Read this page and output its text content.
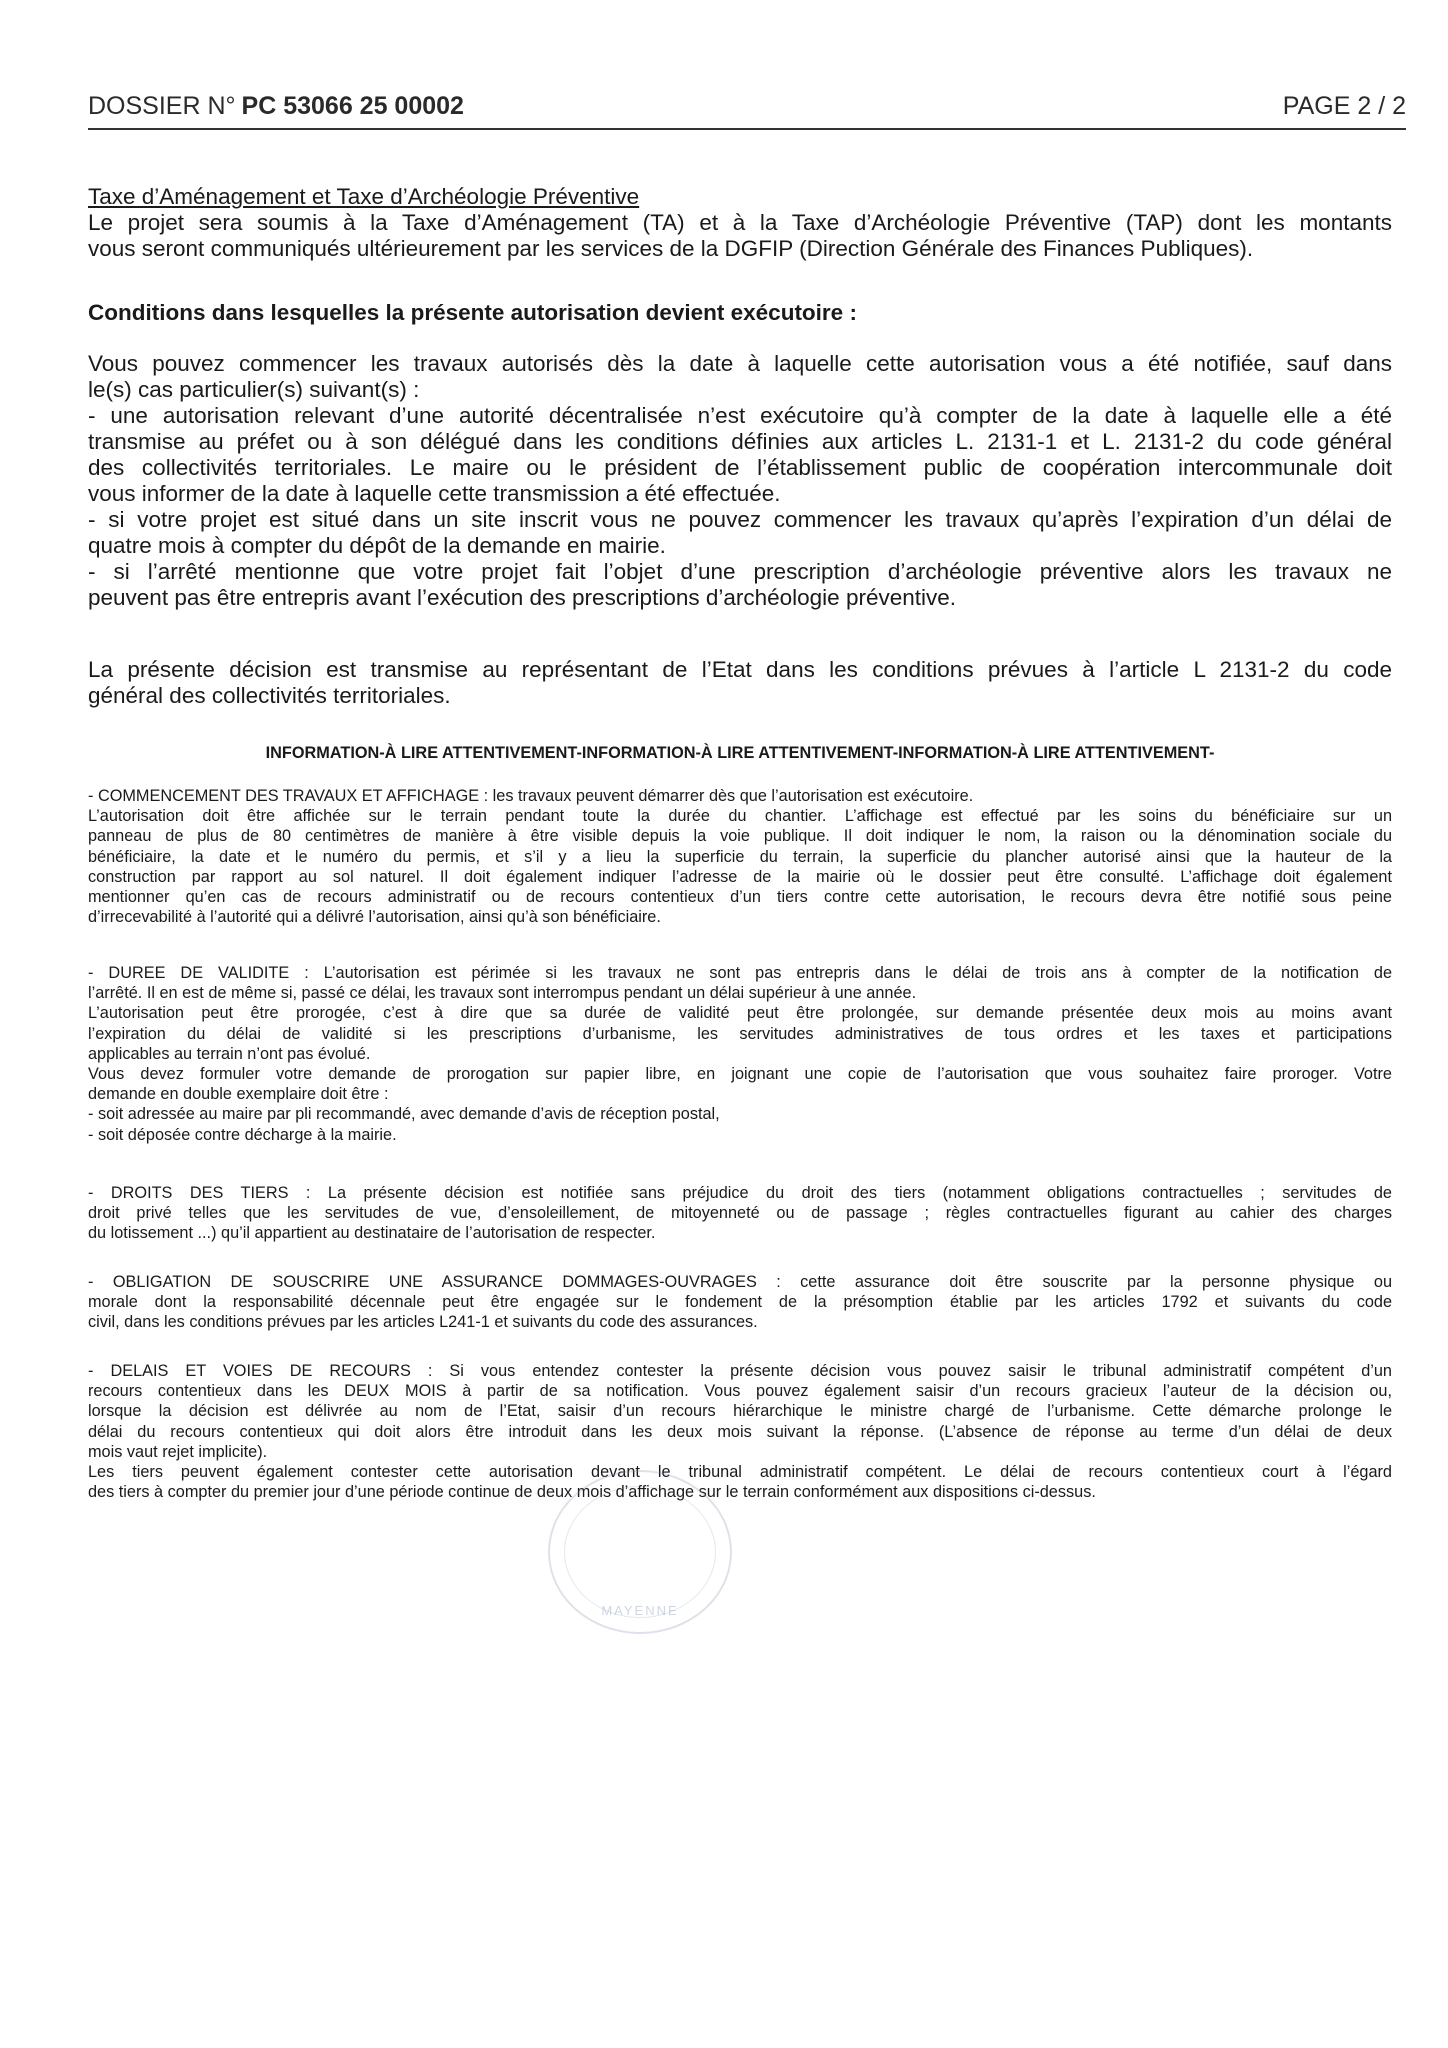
DOSSIER N° PC 53066 25 00002	PAGE 2 / 2
Taxe d’Aménagement et Taxe d’Archéologie Préventive
Le projet sera soumis à la Taxe d’Aménagement (TA) et à la Taxe d’Archéologie Préventive (TAP) dont les montants
vous seront communiqués ultérieurement par les services de la DGFIP (Direction Générale des Finances Publiques).
Conditions dans lesquelles la présente autorisation devient exécutoire :
Vous pouvez commencer les travaux autorisés dès la date à laquelle cette autorisation vous a été notifiée, sauf dans
le(s) cas particulier(s) suivant(s) :
- une autorisation relevant d’une autorité décentralisée n’est exécutoire qu’à compter de la date à laquelle elle a été
transmise au préfet ou à son délégué dans les conditions définies aux articles L. 2131-1 et L. 2131-2 du code général
des collectivités territoriales. Le maire ou le président de l’établissement public de coopération intercommunale doit
vous informer de la date à laquelle cette transmission a été effectuée.
- si votre projet est situé dans un site inscrit vous ne pouvez commencer les travaux qu’après l’expiration d’un délai de
quatre mois à compter du dépôt de la demande en mairie.
- si l’arrêté mentionne que votre projet fait l’objet d’une prescription d’archéologie préventive alors les travaux ne
peuvent pas être entrepris avant l’exécution des prescriptions d’archéologie préventive.
La présente décision est transmise au représentant de l’Etat dans les conditions prévues à l’article L 2131-2 du code
général des collectivités territoriales.
INFORMATION-À LIRE ATTENTIVEMENT-INFORMATION-À LIRE ATTENTIVEMENT-INFORMATION-À LIRE ATTENTIVEMENT-
- COMMENCEMENT DES TRAVAUX ET AFFICHAGE : les travaux peuvent démarrer dès que l’autorisation est exécutoire.
L’autorisation doit être affichée sur le terrain pendant toute la durée du chantier. L’affichage est effectué par les soins du bénéficiaire sur un
panneau de plus de 80 centimètres de manière à être visible depuis la voie publique. Il doit indiquer le nom, la raison ou la dénomination sociale du
bénéficiaire, la date et le numéro du permis, et s’il y a lieu la superficie du terrain, la superficie du plancher autorisé ainsi que la hauteur de la
construction par rapport au sol naturel. Il doit également indiquer l’adresse de la mairie où le dossier peut être consulté. L’affichage doit également
mentionner qu’en cas de recours administratif ou de recours contentieux d’un tiers contre cette autorisation, le recours devra être notifié sous peine
d’irrecevabilité à l’autorité qui a délivré l’autorisation, ainsi qu’à son bénéficiaire.
- DUREE DE VALIDITE : L’autorisation est périmée si les travaux ne sont pas entrepris dans le délai de trois ans à compter de la notification de
l’arrêté. Il en est de même si, passé ce délai, les travaux sont interrompus pendant un délai supérieur à une année.
L’autorisation peut être prorogée, c’est à dire que sa durée de validité peut être prolongée, sur demande présentée deux mois au moins avant
l’expiration du délai de validité si les prescriptions d’urbanisme, les servitudes administratives de tous ordres et les taxes et participations
applicables au terrain n’ont pas évolué.
Vous devez formuler votre demande de prorogation sur papier libre, en joignant une copie de l’autorisation que vous souhaitez faire proroger. Votre
demande en double exemplaire doit être :
- soit adressée au maire par pli recommandé, avec demande d’avis de réception postal,
- soit déposée contre décharge à la mairie.
- DROITS DES TIERS : La présente décision est notifiée sans préjudice du droit des tiers (notamment obligations contractuelles ; servitudes de
droit privé telles que les servitudes de vue, d’ensoleillement, de mitoyenneté ou de passage ; règles contractuelles figurant au cahier des charges
du lotissement ...) qu’il appartient au destinataire de l’autorisation de respecter.
- OBLIGATION DE SOUSCRIRE UNE ASSURANCE DOMMAGES-OUVRAGES : cette assurance doit être souscrite par la personne physique ou
morale dont la responsabilité décennale peut être engagée sur le fondement de la présomption établie par les articles 1792 et suivants du code
civil, dans les conditions prévues par les articles L241-1 et suivants du code des assurances.
- DELAIS ET VOIES DE RECOURS : Si vous entendez contester la présente décision vous pouvez saisir le tribunal administratif compétent d’un
recours contentieux dans les DEUX MOIS à partir de sa notification. Vous pouvez également saisir d’un recours gracieux l’auteur de la décision ou,
lorsque la décision est délivrée au nom de l’Etat, saisir d’un recours hiérarchique le ministre chargé de l’urbanisme. Cette démarche prolonge le
délai du recours contentieux qui doit alors être introduit dans les deux mois suivant la réponse. (L’absence de réponse au terme d’un délai de deux
mois vaut rejet implicite).
Les tiers peuvent également contester cette autorisation devant le tribunal administratif compétent. Le délai de recours contentieux court à l’égard
des tiers à compter du premier jour d’une période continue de deux mois d’affichage sur le terrain conformément aux dispositions ci-dessus.
MAYENNE
